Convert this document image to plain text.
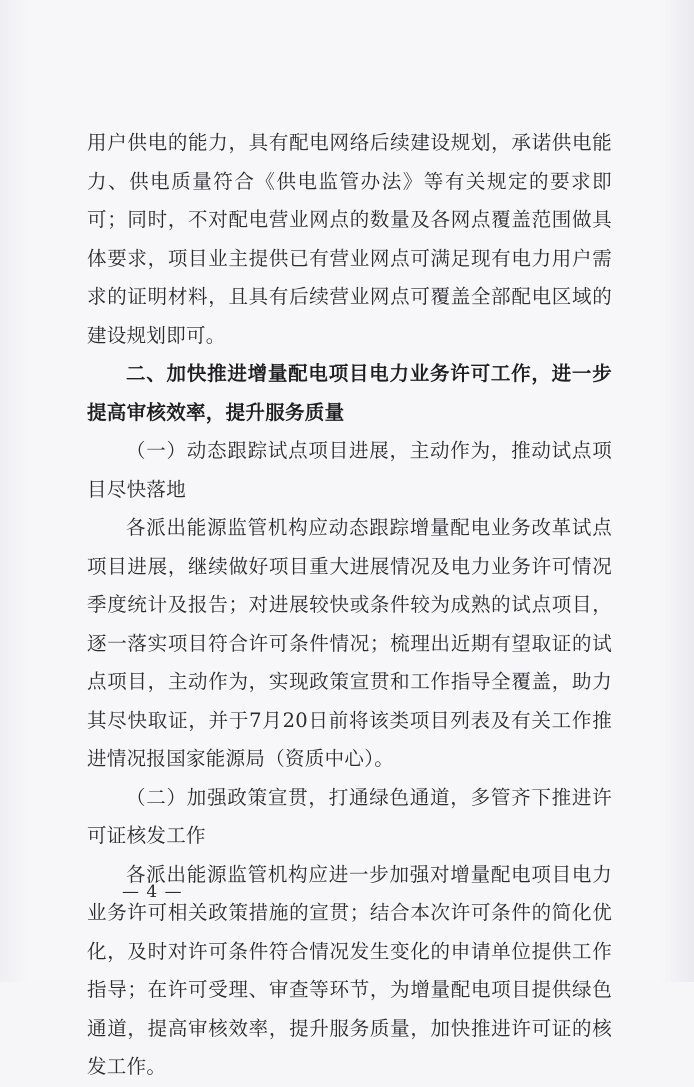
用户供电的能力，具有配电网络后续建设规划，承诺供电能力、供电质量符合《供电监管办法》等有关规定的要求即可；同时，不对配电营业网点的数量及各网点覆盖范围做具体要求，项目业主提供已有营业网点可满足现有电力用户需求的证明材料，且具有后续营业网点可覆盖全部配电区域的建设规划即可。

二、加快推进增量配电项目电力业务许可工作，进一步提高审核效率，提升服务质量

（一）动态跟踪试点项目进展，主动作为，推动试点项目尽快落地

各派出能源监管机构应动态跟踪增量配电业务改革试点项目进展，继续做好项目重大进展情况及电力业务许可情况季度统计及报告；对进展较快或条件较为成熟的试点项目，逐一落实项目符合许可条件情况；梳理出近期有望取证的试点项目，主动作为，实现政策宣贯和工作指导全覆盖，助力其尽快取证，并于7月20日前将该类项目列表及有关工作推进情况报国家能源局（资质中心）。

（二）加强政策宣贯，打通绿色通道，多管齐下推进许可证核发工作

各派出能源监管机构应进一步加强对增量配电项目电力业务许可相关政策措施的宣贯；结合本次许可条件的简化优化，及时对许可条件符合情况发生变化的申请单位提供工作指导；在许可受理、审查等环节，为增量配电项目提供绿色通道，提高审核效率，提升服务质量，加快推进许可证的核发工作。

— 4 —
